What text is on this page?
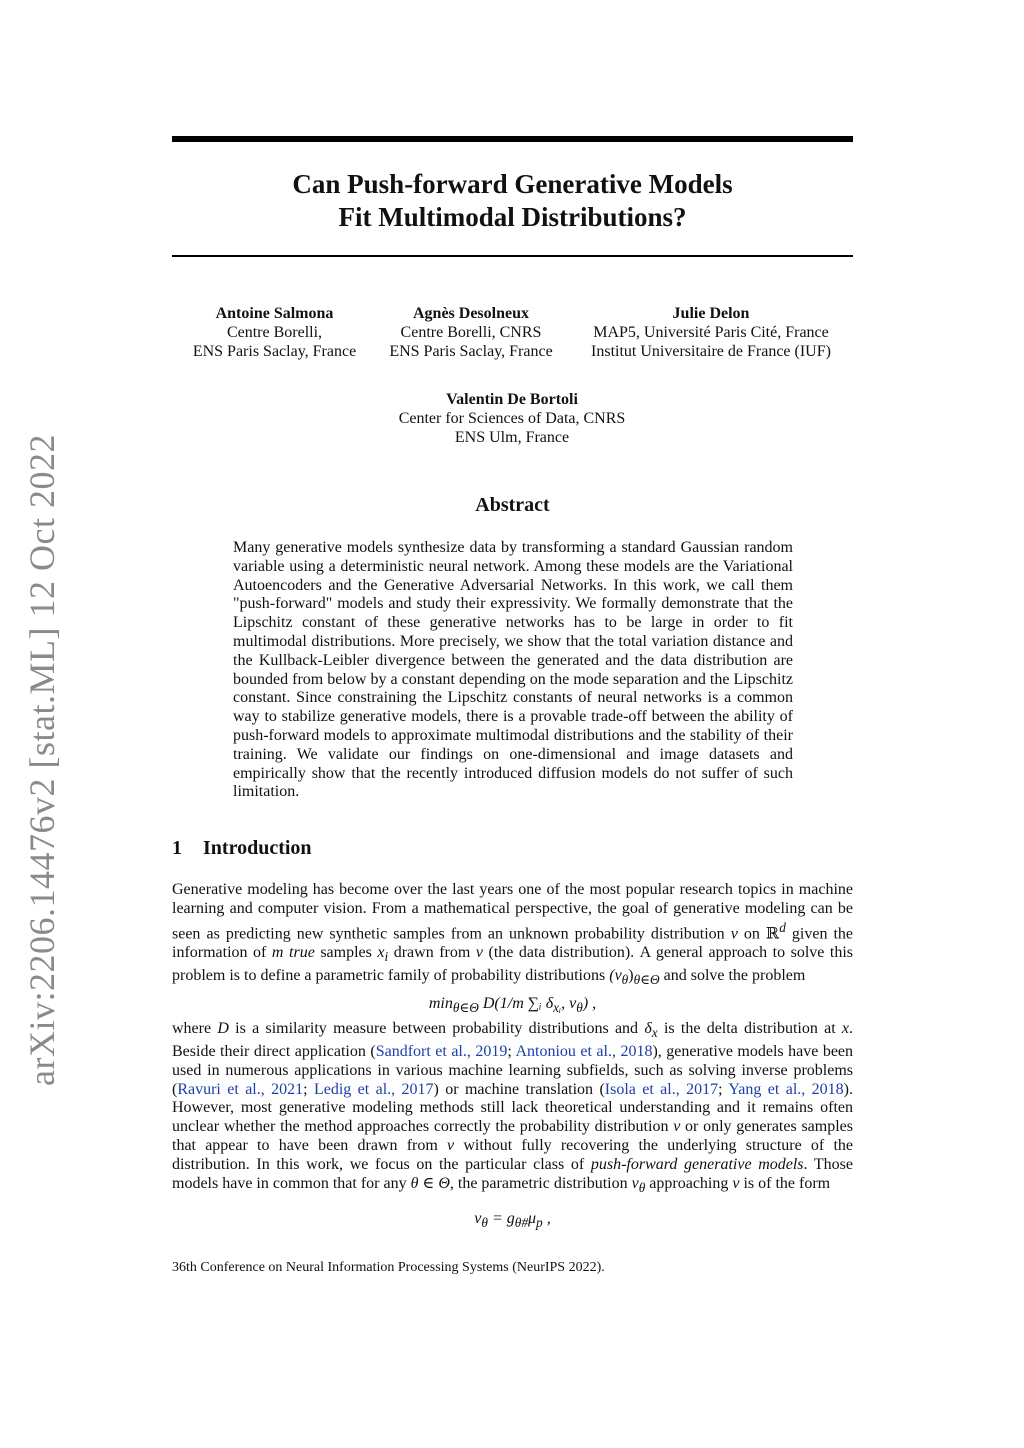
arXiv:2206.14476v2 [stat.ML] 12 Oct 2022
Can Push-forward Generative Models
Fit Multimodal Distributions?
Antoine Salmona
Centre Borelli,
ENS Paris Saclay, France
Agnès Desolneux
Centre Borelli, CNRS
ENS Paris Saclay, France
Julie Delon
MAP5, Université Paris Cité, France
Institut Universitaire de France (IUF)
Valentin De Bortoli
Center for Sciences of Data, CNRS
ENS Ulm, France
Abstract
Many generative models synthesize data by transforming a standard Gaussian random variable using a deterministic neural network. Among these models are the Variational Autoencoders and the Generative Adversarial Networks. In this work, we call them "push-forward" models and study their expressivity. We formally demonstrate that the Lipschitz constant of these generative networks has to be large in order to fit multimodal distributions. More precisely, we show that the total variation distance and the Kullback-Leibler divergence between the generated and the data distribution are bounded from below by a constant depending on the mode separation and the Lipschitz constant. Since constraining the Lipschitz constants of neural networks is a common way to stabilize generative models, there is a provable trade-off between the ability of push-forward models to approximate multimodal distributions and the stability of their training. We validate our findings on one-dimensional and image datasets and empirically show that the recently introduced diffusion models do not suffer of such limitation.
1 Introduction
Generative modeling has become over the last years one of the most popular research topics in machine learning and computer vision. From a mathematical perspective, the goal of generative modeling can be seen as predicting new synthetic samples from an unknown probability distribution ν on ℝ$^d$ given the information of m true samples $x_i$ drawn from ν (the data distribution). A general approach to solve this problem is to define a parametric family of probability distributions $(\nu_\theta)_{\theta\in\Theta}$ and solve the problem
$\min_{\theta\in\Theta} D(1/m$ ∑ᵢ $\delta_{xᵢ}$, $\nu_\theta$) ,
where D is a similarity measure between probability distributions and $\delta_x$ is the delta distribution at x. Beside their direct application (Sandfort et al., 2019; Antoniou et al., 2018), generative models have been used in numerous applications in various machine learning subfields, such as solving inverse problems (Ravuri et al., 2021; Ledig et al., 2017) or machine translation (Isola et al., 2017; Yang et al., 2018). However, most generative modeling methods still lack theoretical understanding and it remains often unclear whether the method approaches correctly the probability distribution ν or only generates samples that appear to have been drawn from ν without fully recovering the underlying structure of the distribution. In this work, we focus on the particular class of push-forward generative models. Those models have in common that for any θ ∈ Θ, the parametric distribution $\nu_\theta$ approaching ν is of the form
$\nu_\theta = g_{\theta\#}\mu_p$ ,
36th Conference on Neural Information Processing Systems (NeurIPS 2022).
